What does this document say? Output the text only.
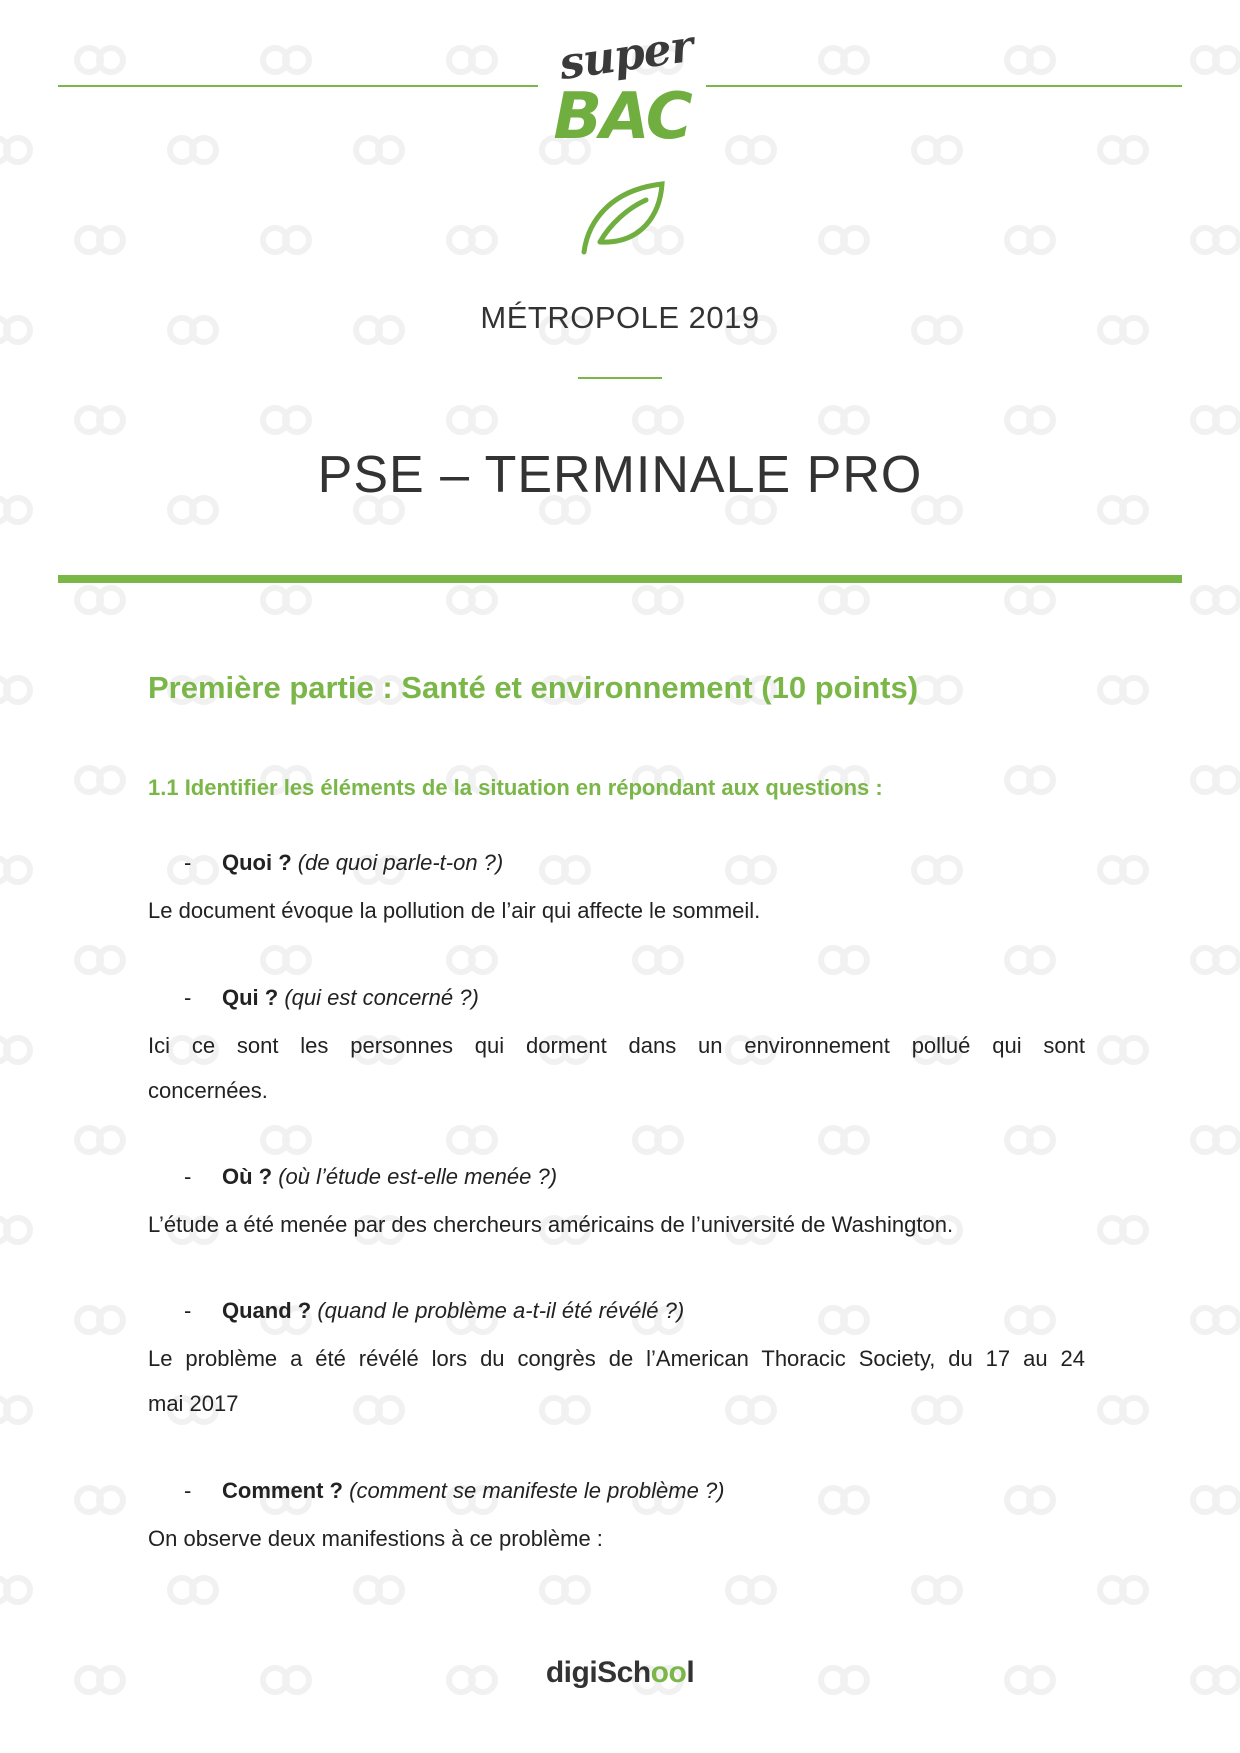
super
BAC
MÉTROPOLE 2019
PSE – TERMINALE PRO
Première partie : Santé et environnement (10 points)
1.1 Identifier les éléments de la situation en répondant aux questions :
- Quoi ? (de quoi parle-t-on ?)
Le document évoque la pollution de l’air qui affecte le sommeil.
- Qui ? (qui est concerné ?)
Ici ce sont les personnes qui dorment dans un environnement pollué qui sont
concernées.
- Où ? (où l’étude est-elle menée ?)
L’étude a été menée par des chercheurs américains de l’université de Washington.
- Quand ? (quand le problème a-t-il été révélé ?)
Le problème a été révélé lors du congrès de l’American Thoracic Society, du 17 au 24
mai 2017
- Comment ? (comment se manifeste le problème ?)
On observe deux manifestions à ce problème :
digiSchool
